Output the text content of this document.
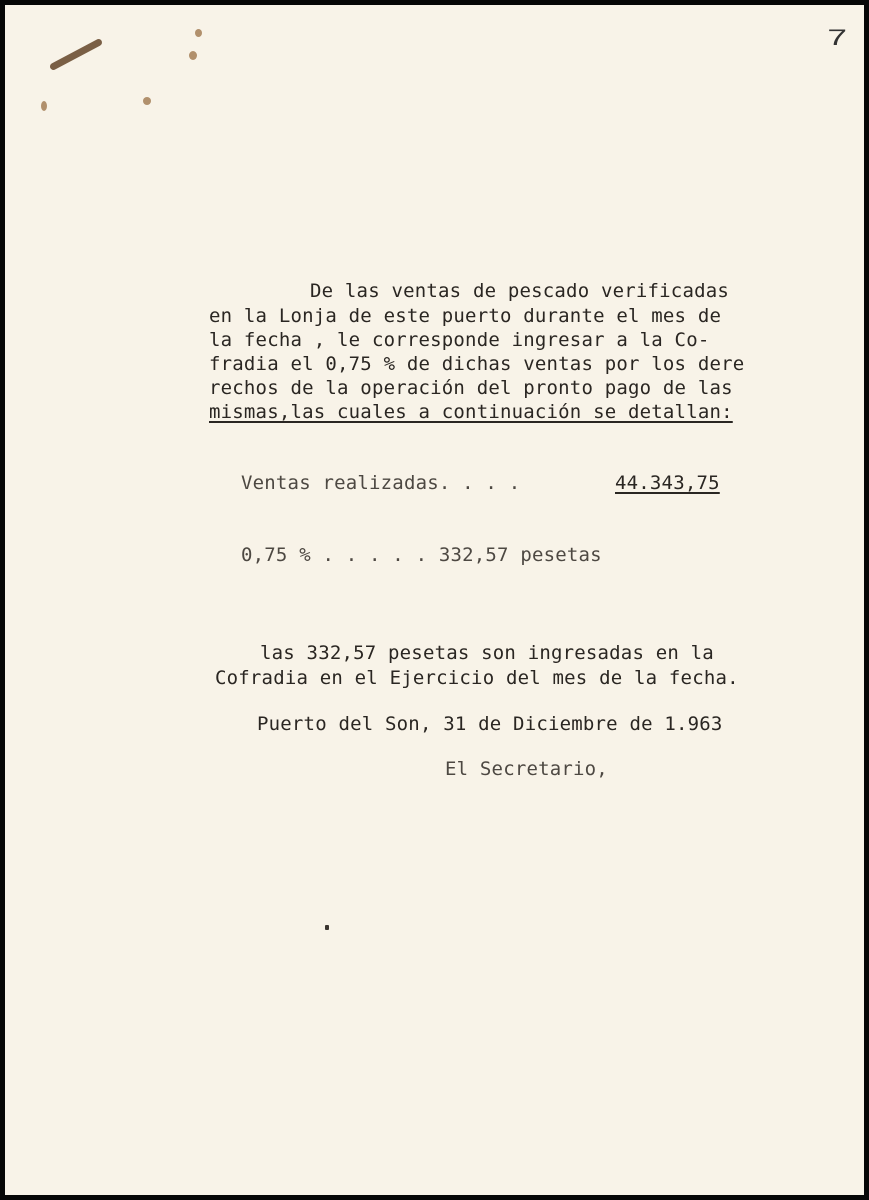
7

De las ventas de pescado verificadas

en la Lonja de este puerto durante el mes de

la fecha , le corresponde ingresar a la Co-

fradia el 0,75 % de dichas ventas por los dere

rechos de la operación del pronto pago de las

mismas,las cuales a continuación se detallan:

Ventas realizadas. . . .	44.343,75

0,75 % . . . . . 332,57 pesetas

las 332,57 pesetas son ingresadas en la

Cofradia en el Ejercicio del mes de la fecha.

Puerto del Son, 31 de Diciembre de 1.963

El Secretario,
